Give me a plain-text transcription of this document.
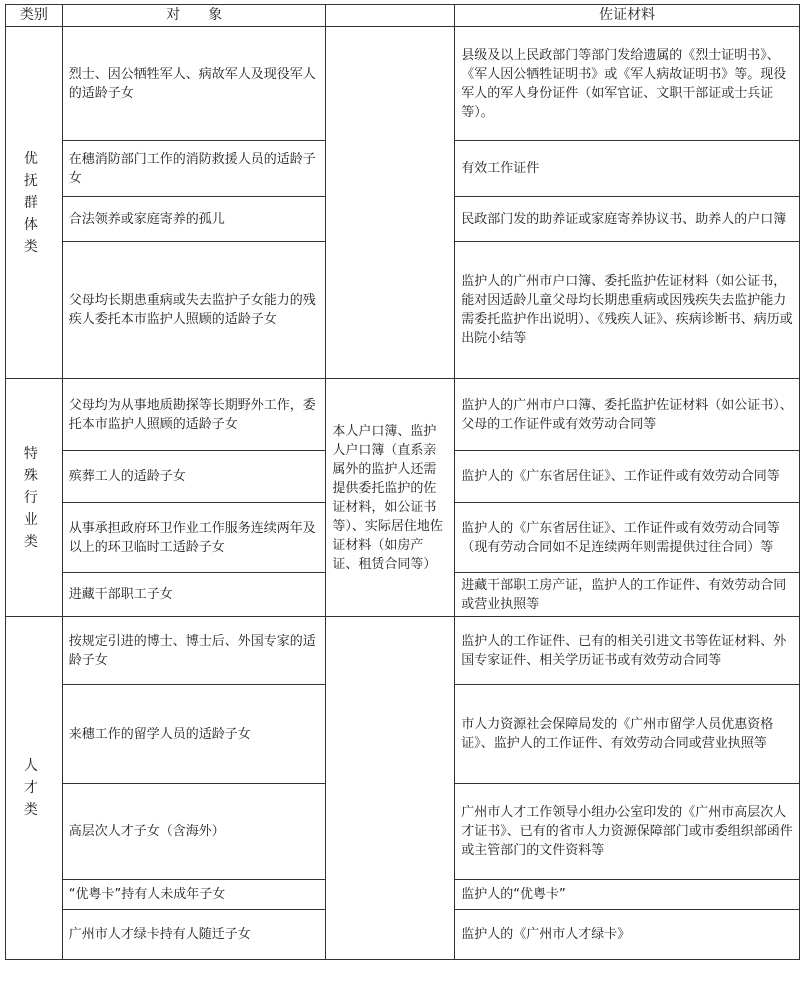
类别	对　　象		佐证材料
优抚群体类	烈士、因公牺牲军人、病故军人及现役军人的适龄子女		县级及以上民政部门等部门发给遗属的《烈士证明书》、《军人因公牺牲证明书》或《军人病故证明书》等。现役军人的军人身份证件（如军官证、文职干部证或士兵证等）。
	在穗消防部门工作的消防救援人员的适龄子女		有效工作证件
	合法领养或家庭寄养的孤儿		民政部门发的助养证或家庭寄养协议书、助养人的户口簿
	父母均长期患重病或失去监护子女能力的残疾人委托本市监护人照顾的适龄子女		监护人的广州市户口簿、委托监护佐证材料（如公证书，能对因适龄儿童父母均长期患重病或因残疾失去监护能力需委托监护作出说明）、《残疾人证》、疾病诊断书、病历或出院小结等
特殊行业类	父母均为从事地质勘探等长期野外工作，委托本市监护人照顾的适龄子女	本人户口簿、监护人户口簿（直系亲属外的监护人还需提供委托监护的佐证材料，如公证书等）、实际居住地佐证材料（如房产证、租赁合同等）	监护人的广州市户口簿、委托监护佐证材料（如公证书）、父母的工作证件或有效劳动合同等
	殡葬工人的适龄子女		监护人的《广东省居住证》、工作证件或有效劳动合同等
	从事承担政府环卫作业工作服务连续两年及以上的环卫临时工适龄子女		监护人的《广东省居住证》、工作证件或有效劳动合同等（现有劳动合同如不足连续两年则需提供过往合同）等
	进藏干部职工子女		进藏干部职工房产证，监护人的工作证件、有效劳动合同或营业执照等
人才类	按规定引进的博士、博士后、外国专家的适龄子女		监护人的工作证件、已有的相关引进文书等佐证材料、外国专家证件、相关学历证书或有效劳动合同等
	来穗工作的留学人员的适龄子女		市人力资源社会保障局发的《广州市留学人员优惠资格证》、监护人的工作证件、有效劳动合同或营业执照等
	高层次人才子女（含海外）		广州市人才工作领导小组办公室印发的《广州市高层次人才证书》、已有的省市人力资源保障部门或市委组织部函件或主管部门的文件资料等
	“优粤卡”持有人未成年子女		监护人的“优粤卡”
	广州市人才绿卡持有人随迁子女		监护人的《广州市人才绿卡》
